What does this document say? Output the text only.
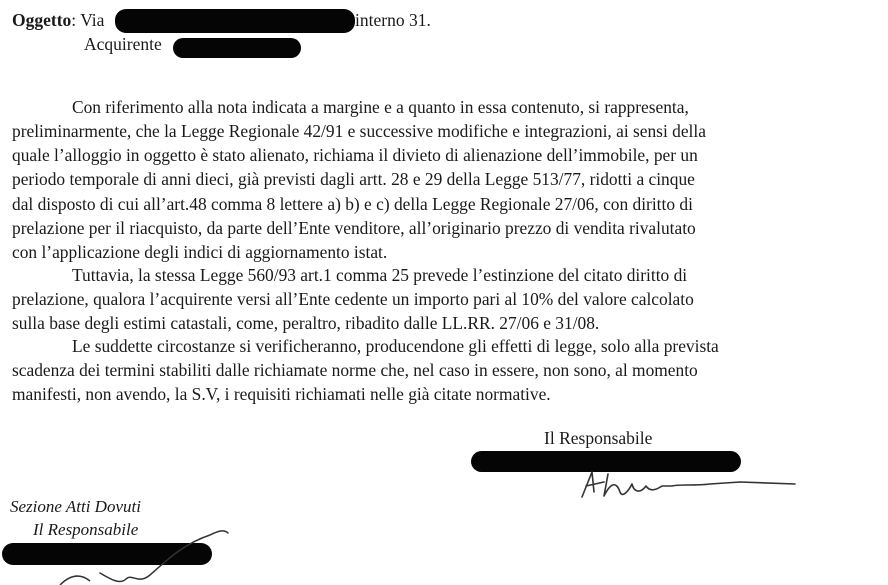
Oggetto: Via	interno 31.
Acquirente
Con riferimento alla nota indicata a margine e a quanto in essa contenuto, si rappresenta,
preliminarmente, che la Legge Regionale 42/91 e successive modifiche e integrazioni, ai sensi della
quale l’alloggio in oggetto è stato alienato, richiama il divieto di alienazione dell’immobile, per un
periodo temporale di anni dieci, già previsti dagli artt. 28 e 29 della Legge 513/77, ridotti a cinque
dal disposto di cui all’art.48 comma 8 lettere a) b) e c) della Legge Regionale 27/06, con diritto di
prelazione per il riacquisto, da parte dell’Ente venditore, all’originario prezzo di vendita rivalutato
con l’applicazione degli indici di aggiornamento istat.
Tuttavia, la stessa Legge 560/93 art.1 comma 25 prevede l’estinzione del citato diritto di
prelazione, qualora l’acquirente versi all’Ente cedente un importo pari al 10% del valore calcolato
sulla base degli estimi catastali, come, peraltro, ribadito dalle LL.RR. 27/06 e 31/08.
Le suddette circostanze si verificheranno, producendone gli effetti di legge, solo alla prevista
scadenza dei termini stabiliti dalle richiamate norme che, nel caso in essere, non sono, al momento
manifesti, non avendo, la S.V, i requisiti richiamati nelle già citate normative.
Il Responsabile
Sezione Atti Dovuti
Il Responsabile
